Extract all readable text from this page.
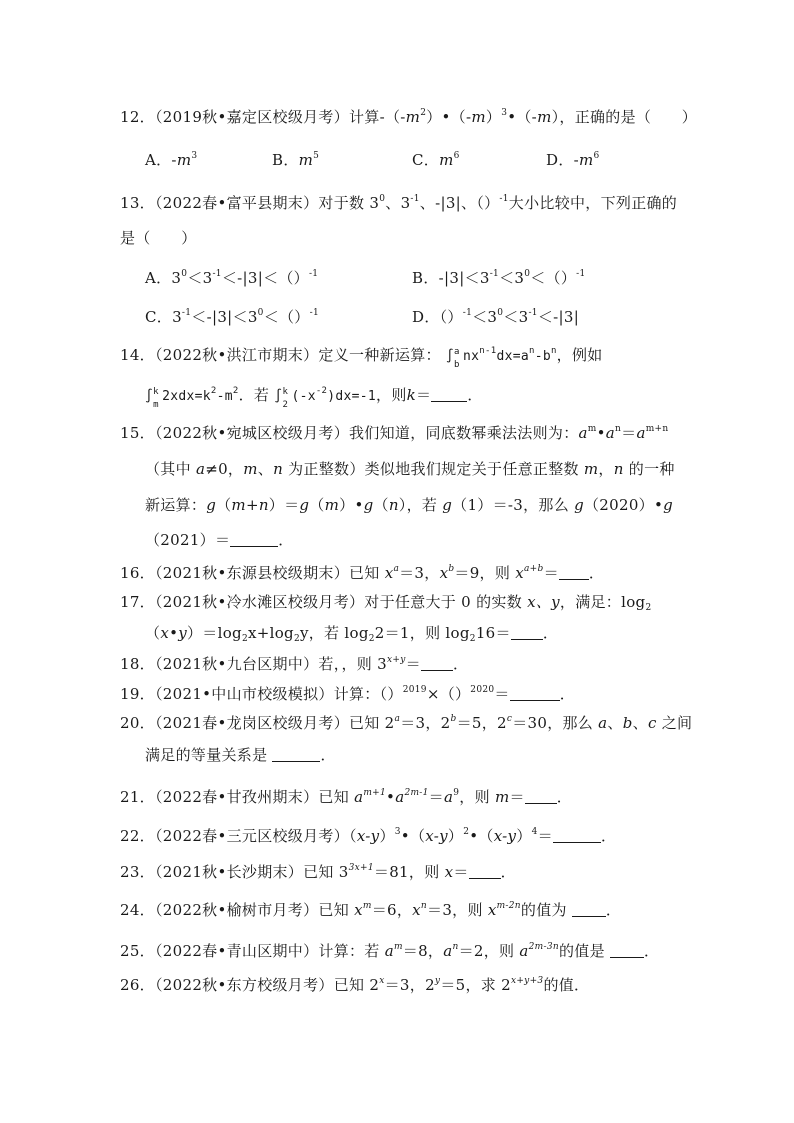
12．（2019秋•嘉定区校级月考）计算$-(-m^2)•(-m)^3•(-m)$，正确的是（　　）
A．$-m^3$	B．$m^5$	C．$m^6$	D．$-m^6$
13．（2022春•富平县期末）对于数 $3^0$、$3^{-1}$、-|3|、（）$^{-1}$大小比较中，下列正确的
是（　　）
A．$3^0<3^{-1}<-|3|<()^{-1}$	B．$-|3|<3^{-1}<3^0<()^{-1}$
C．$3^{-1}<-|3|<3^0<()^{-1}$	D．$()^{-1}<3^0<3^{-1}<-|3|$
14．（2022秋•洪江市期末）定义一种新运算： ∫ a
b
$nx^{n-1}dx=a^n-b^n$，例如
∫ k
m
$2xdx=k^2-m^2$．若 ∫ k
2
$(-x^{-2})dx=-1$，则k＝ ．
15．（2022秋•宛城区校级月考）我们知道，同底数幂乘法法则为：$a^m•a^n=a^{m+n}$
（其中 a≠0，m、n 为正整数）类似地我们规定关于任意正整数 m，n 的一种
新运算：g（m+n）＝g（m）•g（n），若 g（1）＝-3，那么 g（2020）•g
（2021）＝	．
16．（2021秋•东源县校级期末）已知 $x^a=3$，$x^b=9$，则 $x^{a+b}=$ ．
17．（2021秋•冷水滩区校级月考）对于任意大于 0 的实数 x、y，满足：$\log_2$
$(x•y)=\log_2x+\log_2y$，若 $\log_22=1$，则 $\log_216=$ ．
18．（2021秋•九台区期中）若，，则 $3^{x+y}=$ ．
19．（2021•中山市校级模拟）计算：（）$^{2019}$×（）$^{2020}$＝	．
20．（2021春•龙岗区校级月考）已知 $2^a=3$，$2^b=5$，$2^c=30$，那么 a、b、c 之间
满足的等量关系是	．
21．（2022春•甘孜州期末）已知 $a^{m+1}•a^{2m-1}=a^9$，则 m＝ ．
22．（2022春•三元区校级月考）$(x-y)^3•(x-y)^2•(x-y)^4=$	．
23．（2021秋•长沙期末）已知 $3^{3x+1}=81$，则 x＝ ．
24．（2022秋•榆树市月考）已知 $x^m=6$，$x^n=3$，则 $x^{m-2n}$的值为 ．
25．（2022春•青山区期中）计算：若 $a^m=8$，$a^n=2$，则 $a^{2m-3n}$的值是 ．
26．（2022秋•东方校级月考）已知 $2^x=3$，$2^y=5$，求 $2^{x+y+3}$的值．
